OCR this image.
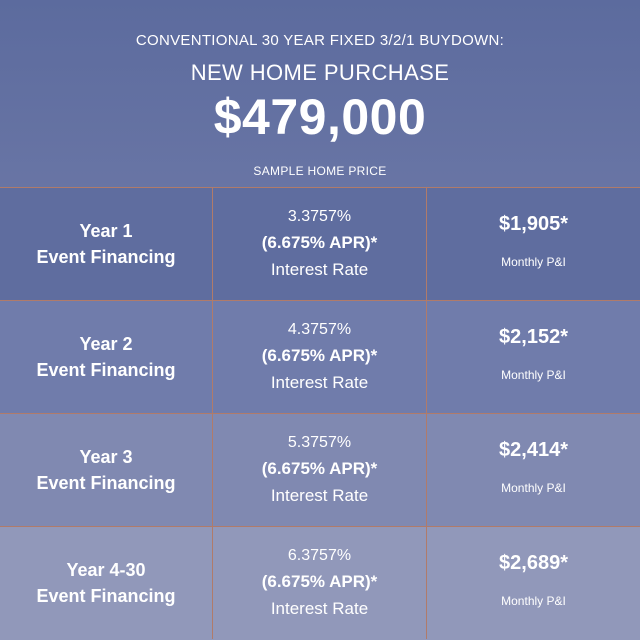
CONVENTIONAL 30 YEAR FIXED 3/2/1 BUYDOWN:
NEW HOME PURCHASE
$479,000
SAMPLE HOME PRICE
Year 1
Event Financing
3.3757%
(6.675% APR)*
Interest Rate
$1,905*
Monthly P&I
Year 2
Event Financing
4.3757%
(6.675% APR)*
Interest Rate
$2,152*
Monthly P&I
Year 3
Event Financing
5.3757%
(6.675% APR)*
Interest Rate
$2,414*
Monthly P&I
Year 4-30
Event Financing
6.3757%
(6.675% APR)*
Interest Rate
$2,689*
Monthly P&I
